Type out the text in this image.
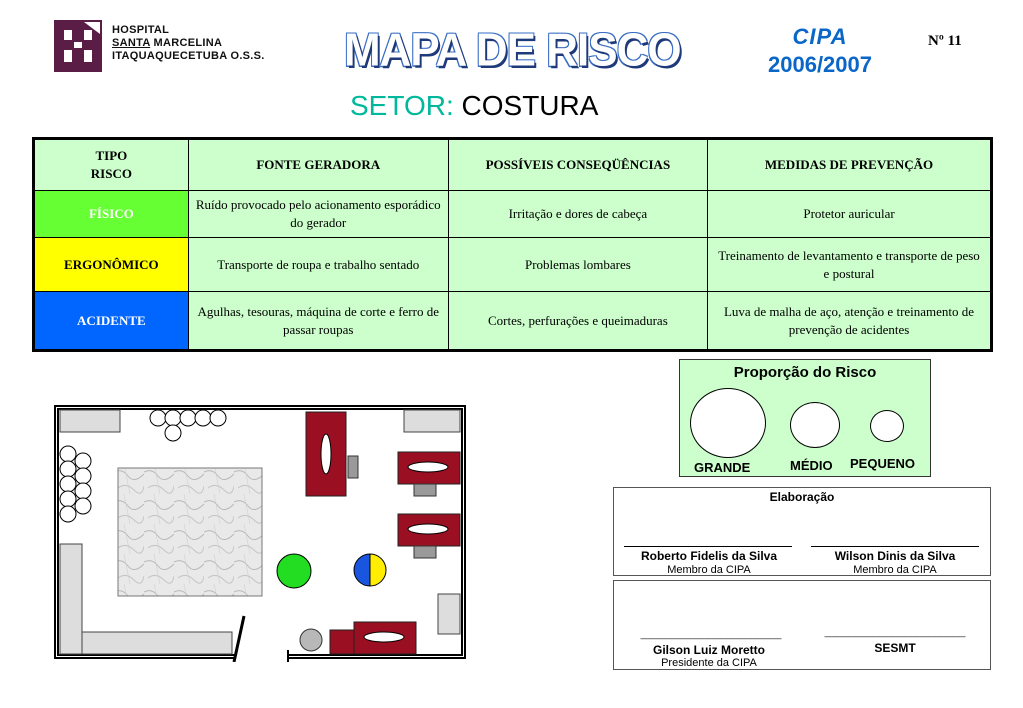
HOSPITAL
SANTA MARCELINA
ITAQUAQUECETUBA O.S.S. MAPA DE RISCO	CIPA
2006/2007
Nº 11
SETOR: COSTURA
TIPO
RISCO	FONTE GERADORA	POSSÍVEIS CONSEQÜÊNCIAS	MEDIDAS DE PREVENÇÃO
FÍSICO	Ruído provocado pelo acionamento esporádico do gerador	Irritação e dores de cabeça	Protetor auricular
ERGONÔMICO	Transporte de roupa e trabalho sentado	Problemas lombares	Treinamento de levantamento e transporte de peso e postural
ACIDENTE	Agulhas, tesouras, máquina de corte e ferro de passar roupas	Cortes, perfurações e queimaduras	Luva de malha de aço, atenção e treinamento de prevenção de acidentes
Proporção do Risco
GRANDE	MÉDIO PEQUENO
Elaboração
Roberto Fidelis da Silva
Membro da CIPA
Wilson Dinis da Silva
Membro da CIPA
_______________________	_______________________
Gilson Luiz Moretto
Presidente da CIPA
SESMT
